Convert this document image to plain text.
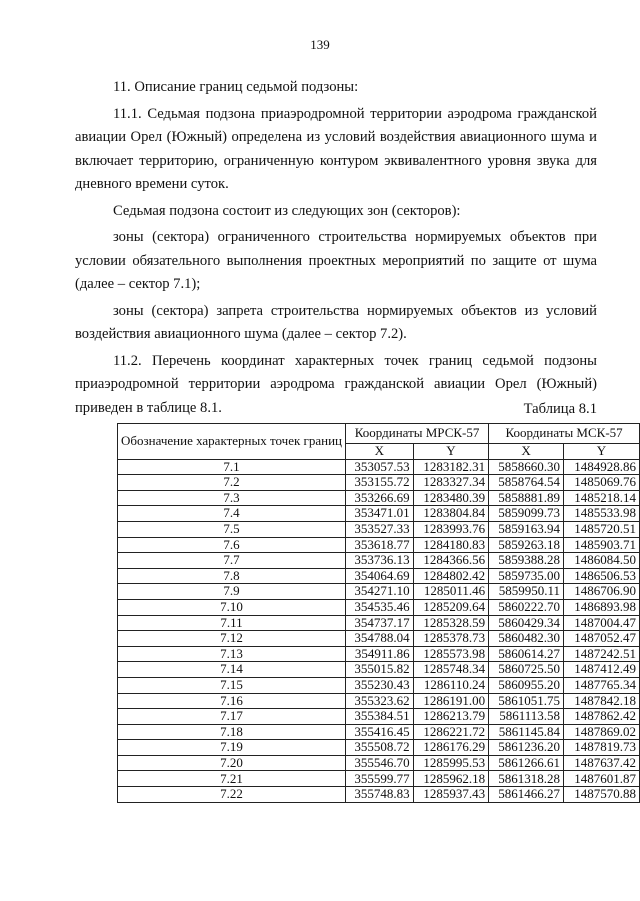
139

11. Описание границ седьмой подзоны:

11.1. Седьмая подзона приаэродромной территории аэродрома гражданской авиации Орел (Южный) определена из условий воздействия авиационного шума и включает территорию, ограниченную контуром эквивалентного уровня звука для дневного времени суток.

Седьмая подзона состоит из следующих зон (секторов):

зоны (сектора) ограниченного строительства нормируемых объектов при условии обязательного выполнения проектных мероприятий по защите от шума (далее – сектор 7.1);

зоны (сектора) запрета строительства нормируемых объектов из условий воздействия авиационного шума (далее – сектор 7.2).

11.2. Перечень координат характерных точек границ седьмой подзоны приаэродромной территории аэродрома гражданской авиации Орел (Южный) приведен в таблице 8.1.	Таблица 8.1
Обозначение характерных точек границ	Координаты МРСК-57		Координаты МСК-57	
	X	Y	X	Y
7.1	353057.53	1283182.31	5858660.30	1484928.86
7.2	353155.72	1283327.34	5858764.54	1485069.76
7.3	353266.69	1283480.39	5858881.89	1485218.14
7.4	353471.01	1283804.84	5859099.73	1485533.98
7.5	353527.33	1283993.76	5859163.94	1485720.51
7.6	353618.77	1284180.83	5859263.18	1485903.71
7.7	353736.13	1284366.56	5859388.28	1486084.50
7.8	354064.69	1284802.42	5859735.00	1486506.53
7.9	354271.10	1285011.46	5859950.11	1486706.90
7.10	354535.46	1285209.64	5860222.70	1486893.98
7.11	354737.17	1285328.59	5860429.34	1487004.47
7.12	354788.04	1285378.73	5860482.30	1487052.47
7.13	354911.86	1285573.98	5860614.27	1487242.51
7.14	355015.82	1285748.34	5860725.50	1487412.49
7.15	355230.43	1286110.24	5860955.20	1487765.34
7.16	355323.62	1286191.00	5861051.75	1487842.18
7.17	355384.51	1286213.79	5861113.58	1487862.42
7.18	355416.45	1286221.72	5861145.84	1487869.02
7.19	355508.72	1286176.29	5861236.20	1487819.73
7.20	355546.70	1285995.53	5861266.61	1487637.42
7.21	355599.77	1285962.18	5861318.28	1487601.87
7.22	355748.83	1285937.43	5861466.27	1487570.88
